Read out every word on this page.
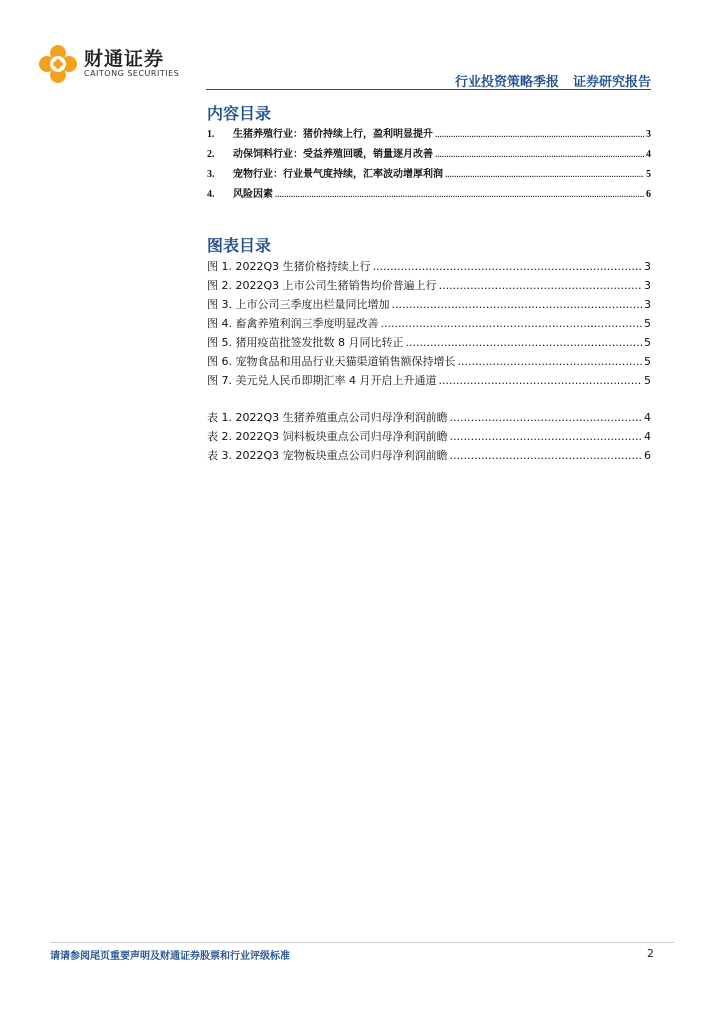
财通证券
CAITONG SECURITIES
行业投资策略季报 证券研究报告
内容目录
1.	生猪养殖行业：猪价持续上行，盈利明显提升 .....	3
2.	动保饲料行业：受益养殖回暖，销量逐月改善 .....	4
3.	宠物行业：行业景气度持续，汇率波动增厚利润 .....	5
4.	风险因素 .....	6
图表目录
图 1. 2022Q3 生猪价格持续上行 .....	3
图 2. 2022Q3 上市公司生猪销售均价普遍上行 .....	3
图 3. 上市公司三季度出栏量同比增加 .....	3
图 4. 畜禽养殖利润三季度明显改善 .....	5
图 5. 猪用疫苗批签发批数 8 月同比转正 .....	5
图 6. 宠物食品和用品行业天猫渠道销售额保持增长 .....	5
图 7. 美元兑人民币即期汇率 4 月开启上升通道 .....	5
表 1. 2022Q3 生猪养殖重点公司归母净利润前瞻 .....	4
表 2. 2022Q3 饲料板块重点公司归母净利润前瞻 .....	4
表 3. 2022Q3 宠物板块重点公司归母净利润前瞻 .....	6
请请参阅尾页重要声明及财通证券股票和行业评级标准	2
